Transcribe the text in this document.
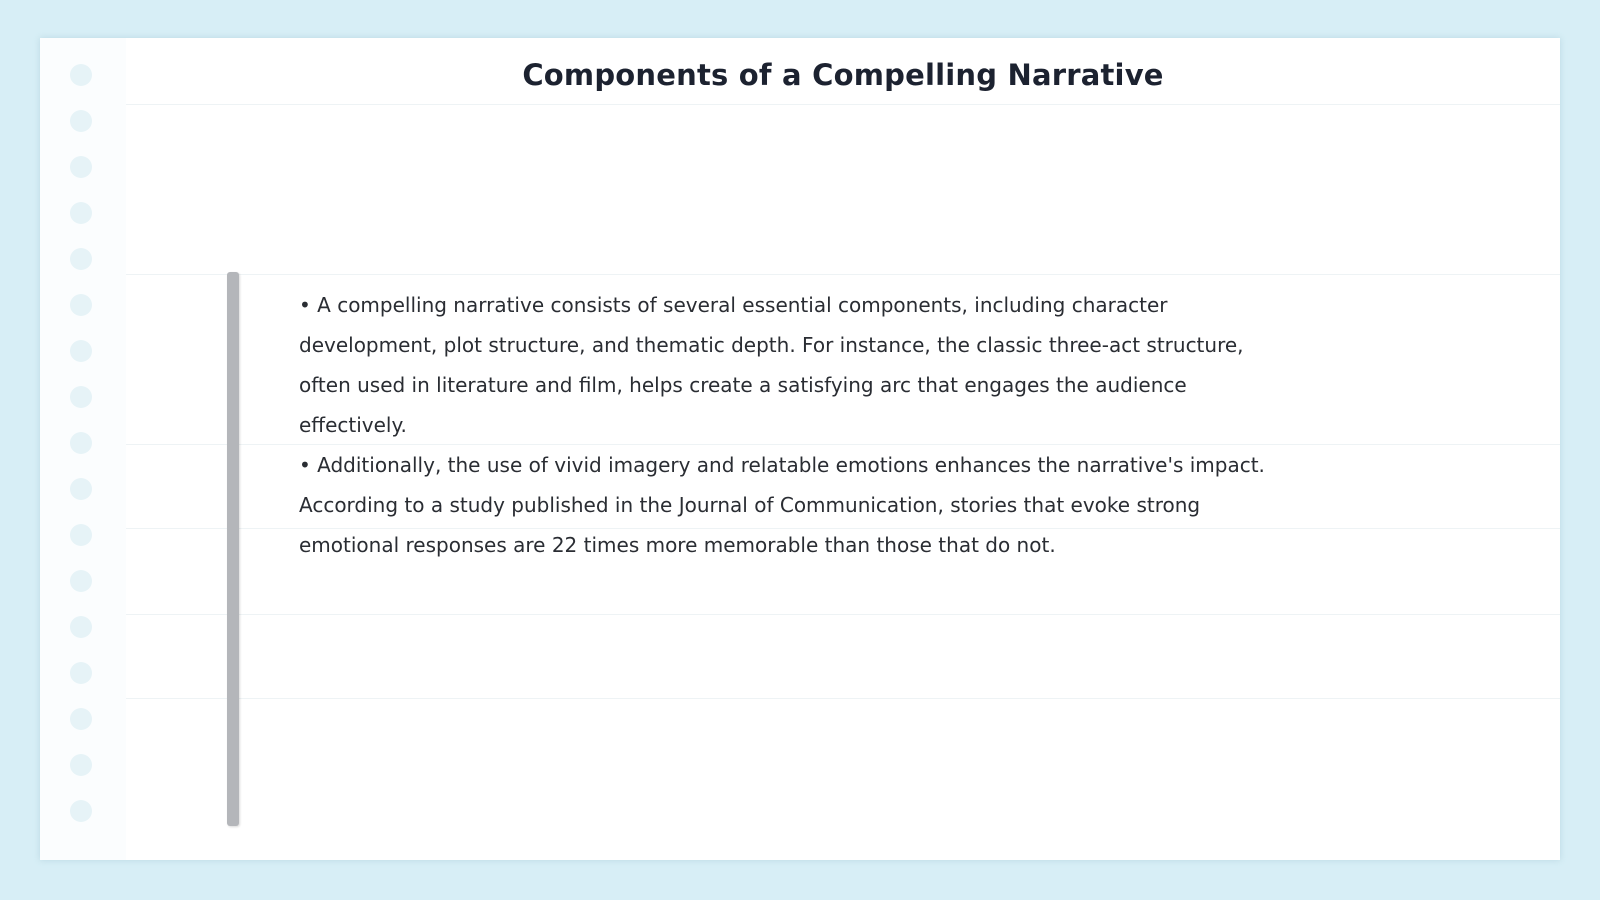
Components of a Compelling Narrative

• A compelling narrative consists of several essential components, including character development, plot structure, and thematic depth. For instance, the classic three-act structure, often used in literature and film, helps create a satisfying arc that engages the audience effectively.

• Additionally, the use of vivid imagery and relatable emotions enhances the narrative's impact. According to a study published in the Journal of Communication, stories that evoke strong emotional responses are 22 times more memorable than those that do not.
